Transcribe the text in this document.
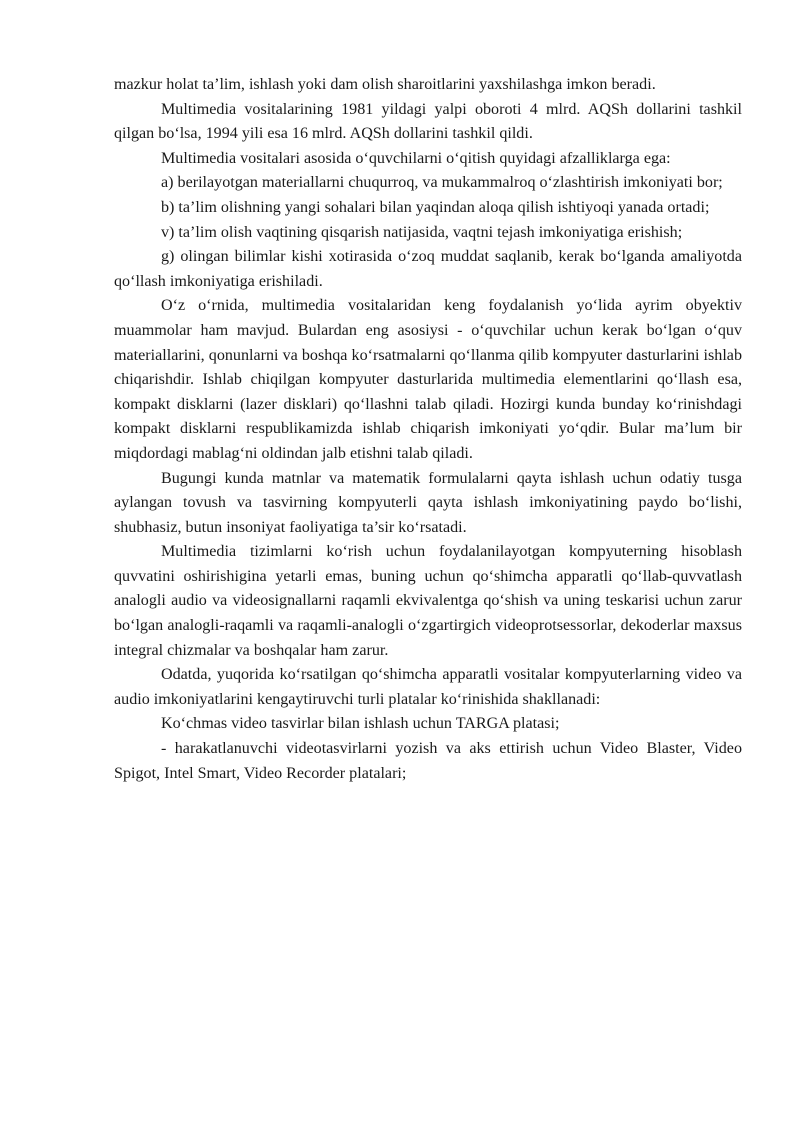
mazkur holat ta’lim, ishlash yoki dam olish sharoitlarini yaxshilashga imkon beradi.

Multimedia vositalarining 1981 yildagi yalpi oboroti 4 mlrd. AQSh dollarini tashkil qilgan bo‘lsa, 1994 yili esa 16 mlrd. AQSh dollarini tashkil qildi.

Multimedia vositalari asosida o‘quvchilarni o‘qitish quyidagi afzalliklarga ega:

a) berilayotgan materiallarni chuqurroq, va mukammalroq o‘zlashtirish imkoniyati bor;

b) ta’lim olishning yangi sohalari bilan yaqindan aloqa qilish ishtiyoqi yanada ortadi;

v) ta’lim olish vaqtining qisqarish natijasida, vaqtni tejash imkoniyatiga erishish;

g) olingan bilimlar kishi xotirasida o‘zoq muddat saqlanib, kerak bo‘lganda amaliyotda qo‘llash imkoniyatiga erishiladi.

O‘z o‘rnida, multimedia vositalaridan keng foydalanish yo‘lida ayrim obyektiv muammolar ham mavjud. Bulardan eng asosiysi - o‘quvchilar uchun kerak bo‘lgan o‘quv materiallarini, qonunlarni va boshqa ko‘rsatmalarni qo‘llanma qilib kompyuter dasturlarini ishlab chiqarishdir. Ishlab chiqilgan kompyuter dasturlarida multimedia elementlarini qo‘llash esa, kompakt disklarni (lazer disklari) qo‘llashni talab qiladi. Hozirgi kunda bunday ko‘rinishdagi kompakt disklarni respublikamizda ishlab chiqarish imkoniyati yo‘qdir. Bular ma’lum bir miqdordagi mablag‘ni oldindan jalb etishni talab qiladi.

Bugungi kunda matnlar va matematik formulalarni qayta ishlash uchun odatiy tusga aylangan tovush va tasvirning kompyuterli qayta ishlash imkoniyatining paydo bo‘lishi, shubhasiz, butun insoniyat faoliyatiga ta’sir ko‘rsatadi.

Multimedia tizimlarni ko‘rish uchun foydalanilayotgan kompyuterning hisoblash quvvatini oshirishigina yetarli emas, buning uchun qo‘shimcha apparatli qo‘llab-quvvatlash analogli audio va videosignallarni raqamli ekvivalentga qo‘shish va uning teskarisi uchun zarur bo‘lgan analogli-raqamli va raqamli-analogli o‘zgartirgich videoprotsessorlar, dekoderlar maxsus integral chizmalar va boshqalar ham zarur.

Odatda, yuqorida ko‘rsatilgan qo‘shimcha apparatli vositalar kompyuterlarning video va audio imkoniyatlarini kengaytiruvchi turli platalar ko‘rinishida shakllanadi:

Ko‘chmas video tasvirlar bilan ishlash uchun TARGA platasi;

- harakatlanuvchi videotasvirlarni yozish va aks ettirish uchun Video Blaster, Video Spigot, Intel Smart, Video Recorder platalari;
